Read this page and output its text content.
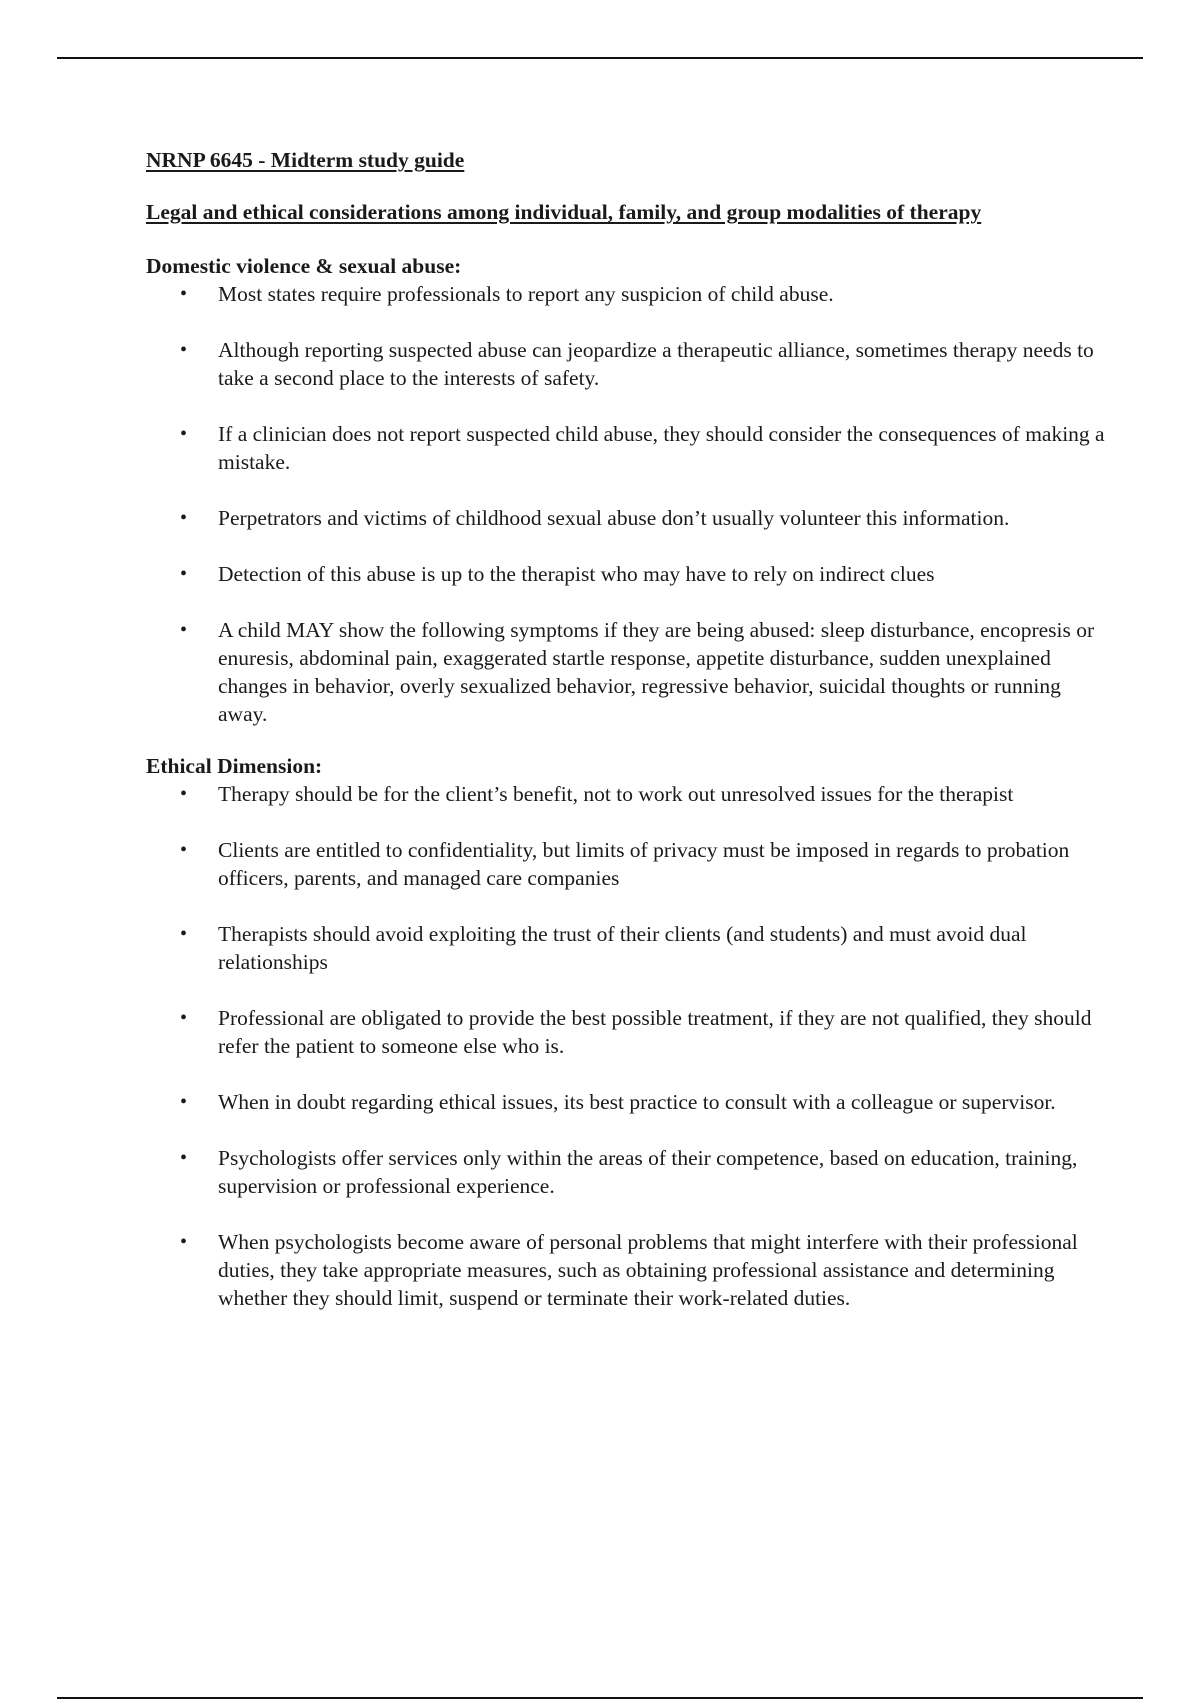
NRNP 6645 - Midterm study guide

Legal and ethical considerations among individual, family, and group modalities of therapy

Domestic violence & sexual abuse:

• Most states require professionals to report any suspicion of child abuse.
• Although reporting suspected abuse can jeopardize a therapeutic alliance, sometimes therapy needs to take a second place to the interests of safety.
• If a clinician does not report suspected child abuse, they should consider the consequences of making a mistake.
• Perpetrators and victims of childhood sexual abuse don’t usually volunteer this information.
• Detection of this abuse is up to the therapist who may have to rely on indirect clues
• A child MAY show the following symptoms if they are being abused: sleep disturbance, encopresis or enuresis, abdominal pain, exaggerated startle response, appetite disturbance, sudden unexplained changes in behavior, overly sexualized behavior, regressive behavior, suicidal thoughts or running away.

Ethical Dimension:

• Therapy should be for the client’s benefit, not to work out unresolved issues for the therapist
• Clients are entitled to confidentiality, but limits of privacy must be imposed in regards to probation officers, parents, and managed care companies
• Therapists should avoid exploiting the trust of their clients (and students) and must avoid dual relationships
• Professional are obligated to provide the best possible treatment, if they are not qualified, they should refer the patient to someone else who is.
• When in doubt regarding ethical issues, its best practice to consult with a colleague or supervisor.
• Psychologists offer services only within the areas of their competence, based on education, training, supervision or professional experience.
• When psychologists become aware of personal problems that might interfere with their professional duties, they take appropriate measures, such as obtaining professional assistance and determining whether they should limit, suspend or terminate their work-related duties.
